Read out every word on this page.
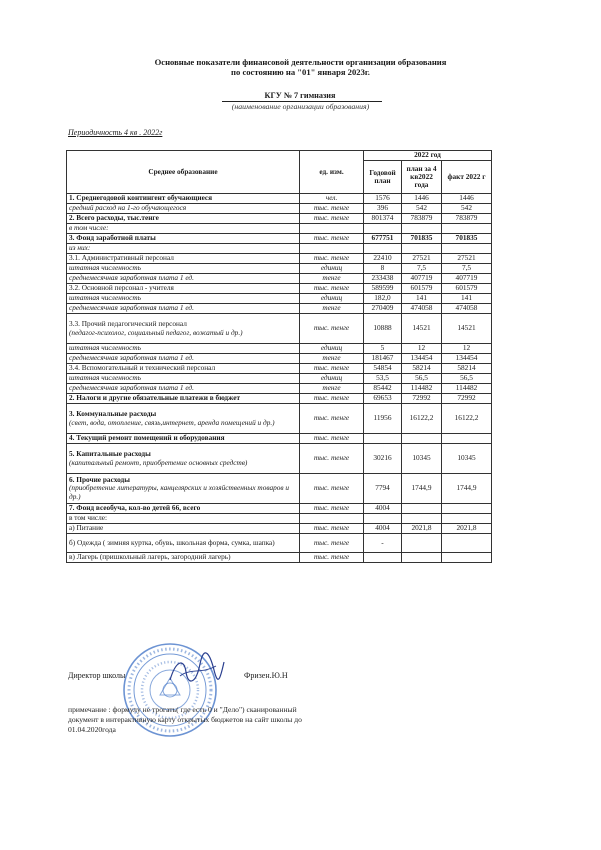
Основные показатели финансовой деятельности организации образования
по состоянию на "01" января 2023г.
КГУ № 7 гимназия
(наименование организации образования)
Периодичность 4 кв . 2022г
Среднее образование	ед. изм.	2022 год		
		Годовой план	план за 4 кв2022 года	факт 2022 г
1. Среднегодовой контингент обучающиеся	чел.	1576	1446	1446
средний расход на 1-го обучающегося	тыс. тенге	396	542	542
2. Всего расходы, тыс.тенге	тыс. тенге	801374	783879	783879
в том числе:				
3. Фонд заработной платы	тыс. тенге	677751	701835	701835
из них:				
3.1. Административный персонал	тыс. тенге	22410	27521	27521
штатная численность	единиц	8	7,5	7,5
среднемесячная заработная плата 1 ед.	тенге	233438	407719	407719
3.2. Основной персонал - учителя	тыс. тенге	589599	601579	601579
штатная численность	единиц	182,0	141	141
среднемесячная заработная плата 1 ед.	тенге	270409	474058	474058
3.3. Прочий педагогический персонал
(педагог-психолог, социальный педагог, вожатый и др.)	тыс. тенге	10888	14521	14521
штатная численность	единиц	5	12	12
среднемесячная заработная плата 1 ед.	тенге	181467	134454	134454
3.4. Вспомогательный и технический персонал	тыс. тенге	54854	58214	58214
штатная численность	единиц	53,5	56,5	56,5
среднемесячная заработная плата 1 ед.	тенге	85442	114482	114482
2. Налоги и другие обязательные платежи в бюджет	тыс. тенге	69653	72992	72992
3. Коммунальные расходы
(свет, вода, отопление, связь,интернет, аренда помещений и др.)	тыс. тенге	11956	16122,2	16122,2
4. Текущий ремонт помещений и оборудования	тыс. тенге			
5. Капитальные расходы
(капитальный ремонт, приобретение основных средств)	тыс. тенге	30216	10345	10345
6. Прочие расходы
(приобретение литературы, канцелярских и хозяйственных товаров и др.)	тыс. тенге	7794	1744,9	1744,9
7. Фонд всеобуча, кол-во детей 66, всего	тыс. тенге	4004		
в том числе:				
а) Питание	тыс. тенге	4004	2021,8	2021,8
б) Одежда ( зимняя куртка, обувь, школьная форма, сумка, шапка)	тыс. тенге	-		
в) Лагерь (пришкольный лагерь, загородний лагерь)	тыс. тенге			
Директор школы	Фризен.Ю.Н
примечание : формулу не трогать( где есть 0 и "Дело") сканированный документ в интерактивную карту открытых бюджетов на сайт школы до 01.04.2020года
